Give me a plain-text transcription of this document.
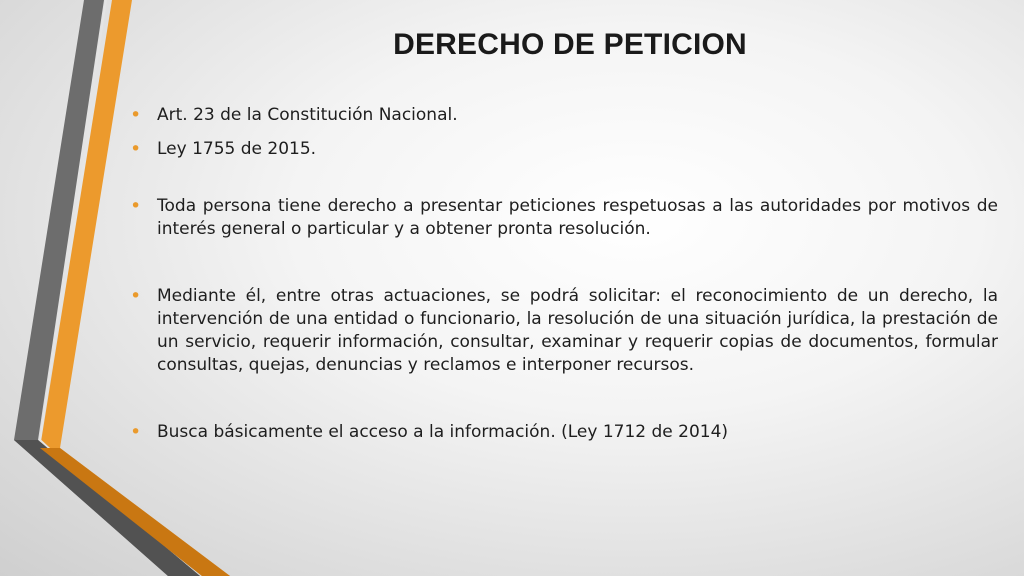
DERECHO DE PETICION
• Art. 23 de la Constitución Nacional.
• Ley 1755 de 2015.
• Toda persona tiene derecho a presentar peticiones respetuosas a las autoridades por motivos de interés general o particular y a obtener pronta resolución.
• Mediante él, entre otras actuaciones, se podrá solicitar: el reconocimiento de un derecho, la intervención de una entidad o funcionario, la resolución de una situación jurídica, la prestación de un servicio, requerir información, consultar, examinar y requerir copias de documentos, formular consultas, quejas, denuncias y reclamos e interponer recursos.
• Busca básicamente el acceso a la información. (Ley 1712 de 2014)
